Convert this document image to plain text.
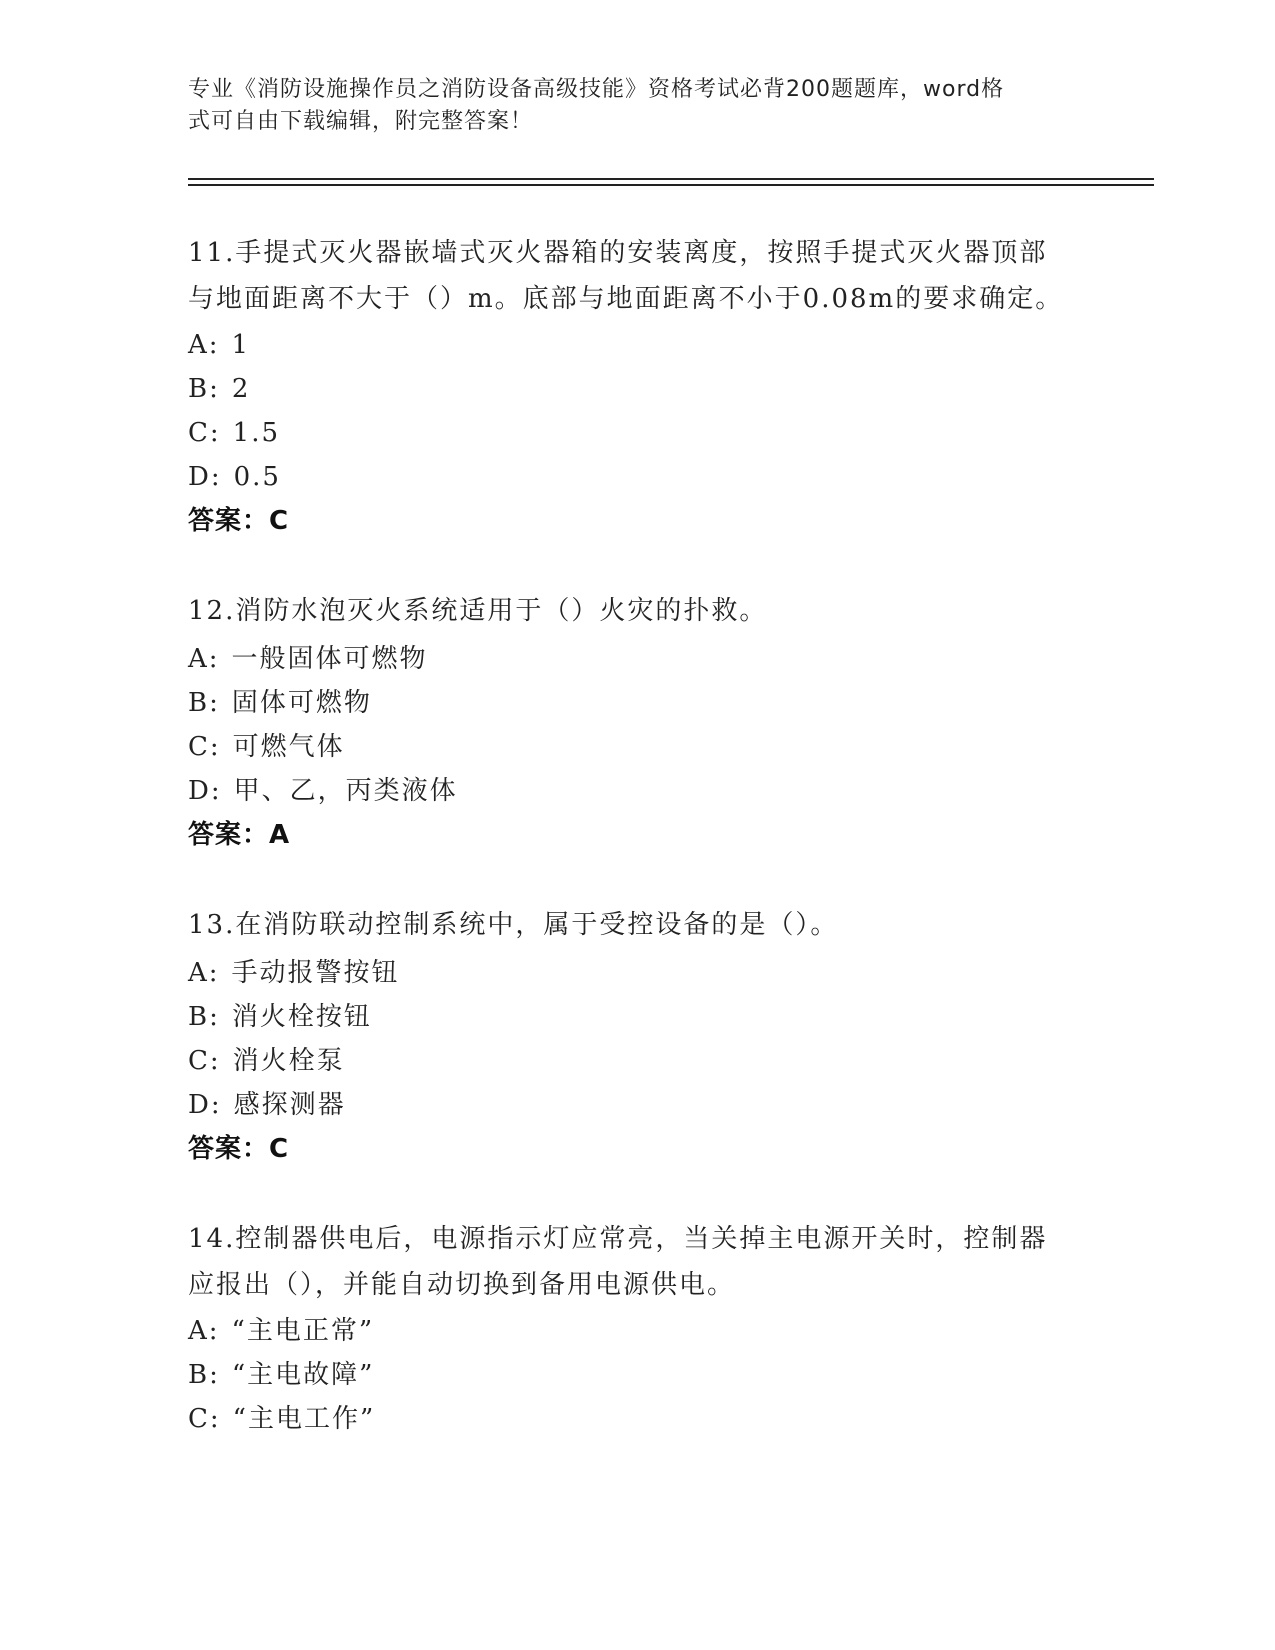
专业《消防设施操作员之消防设备高级技能》资格考试必背200题题库，word格
式可自由下载编辑，附完整答案！
11.手提式灭火器嵌墙式灭火器箱的安装离度，按照手提式灭火器顶部
与地面距离不大于（）m。底部与地面距离不小于0.08m的要求确定。
A: 1
B: 2
C: 1.5
D: 0.5
答案：C
12.消防水泡灭火系统适用于（）火灾的扑救。
A: 一般固体可燃物
B: 固体可燃物
C: 可燃气体
D: 甲、乙，丙类液体
答案：A
13.在消防联动控制系统中，属于受控设备的是（）。
A: 手动报警按钮
B: 消火栓按钮
C: 消火栓泵
D: 感探测器
答案：C
14.控制器供电后，电源指示灯应常亮，当关掉主电源开关时，控制器
应报出（），并能自动切换到备用电源供电。
A: “主电正常”
B: “主电故障”
C: “主电工作”
